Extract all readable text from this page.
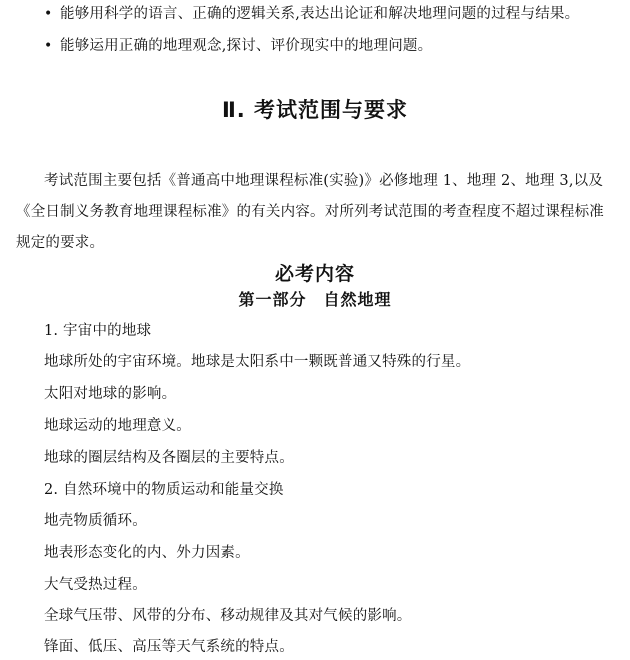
• 能够用科学的语言、正确的逻辑关系,表达出论证和解决地理问题的过程与结果。
• 能够运用正确的地理观念,探讨、评价现实中的地理问题。
Ⅱ. 考试范围与要求
考试范围主要包括《普通高中地理课程标准(实验)》必修地理 1、地理 2、地理 3,以及
《全日制义务教育地理课程标准》的有关内容。对所列考试范围的考查程度不超过课程标准
规定的要求。
必考内容
第一部分　自然地理
1. 宇宙中的地球
地球所处的宇宙环境。地球是太阳系中一颗既普通又特殊的行星。
太阳对地球的影响。
地球运动的地理意义。
地球的圈层结构及各圈层的主要特点。
2. 自然环境中的物质运动和能量交换
地壳物质循环。
地表形态变化的内、外力因素。
大气受热过程。
全球气压带、风带的分布、移动规律及其对气候的影响。
锋面、低压、高压等天气系统的特点。
